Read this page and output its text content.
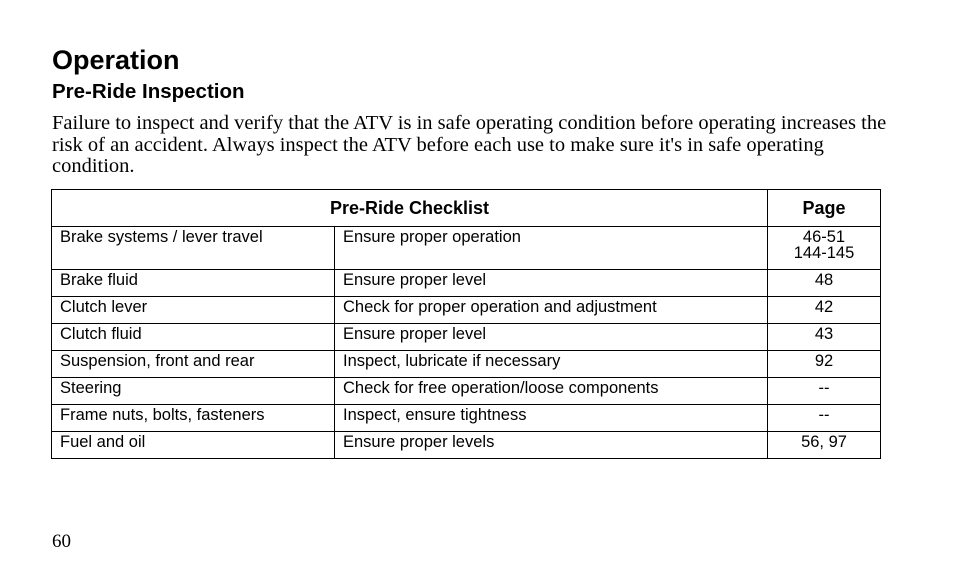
Operation
Pre-Ride Inspection
Failure to inspect and verify that the ATV is in safe operating condition before operating increases the risk of an accident. Always inspect the ATV before each use to make sure it's in safe operating condition.
Pre-Ride Checklist		Page
Brake systems / lever travel	Ensure proper operation	46-51
144-145

Brake fluid	Ensure proper level	48
Clutch lever	Check for proper operation and adjustment	42
Clutch fluid	Ensure proper level	43
Suspension, front and rear	Inspect, lubricate if necessary	92
Steering	Check for free operation/loose components	--
Frame nuts, bolts, fasteners	Inspect, ensure tightness	--
Fuel and oil	Ensure proper levels	56, 97
60
